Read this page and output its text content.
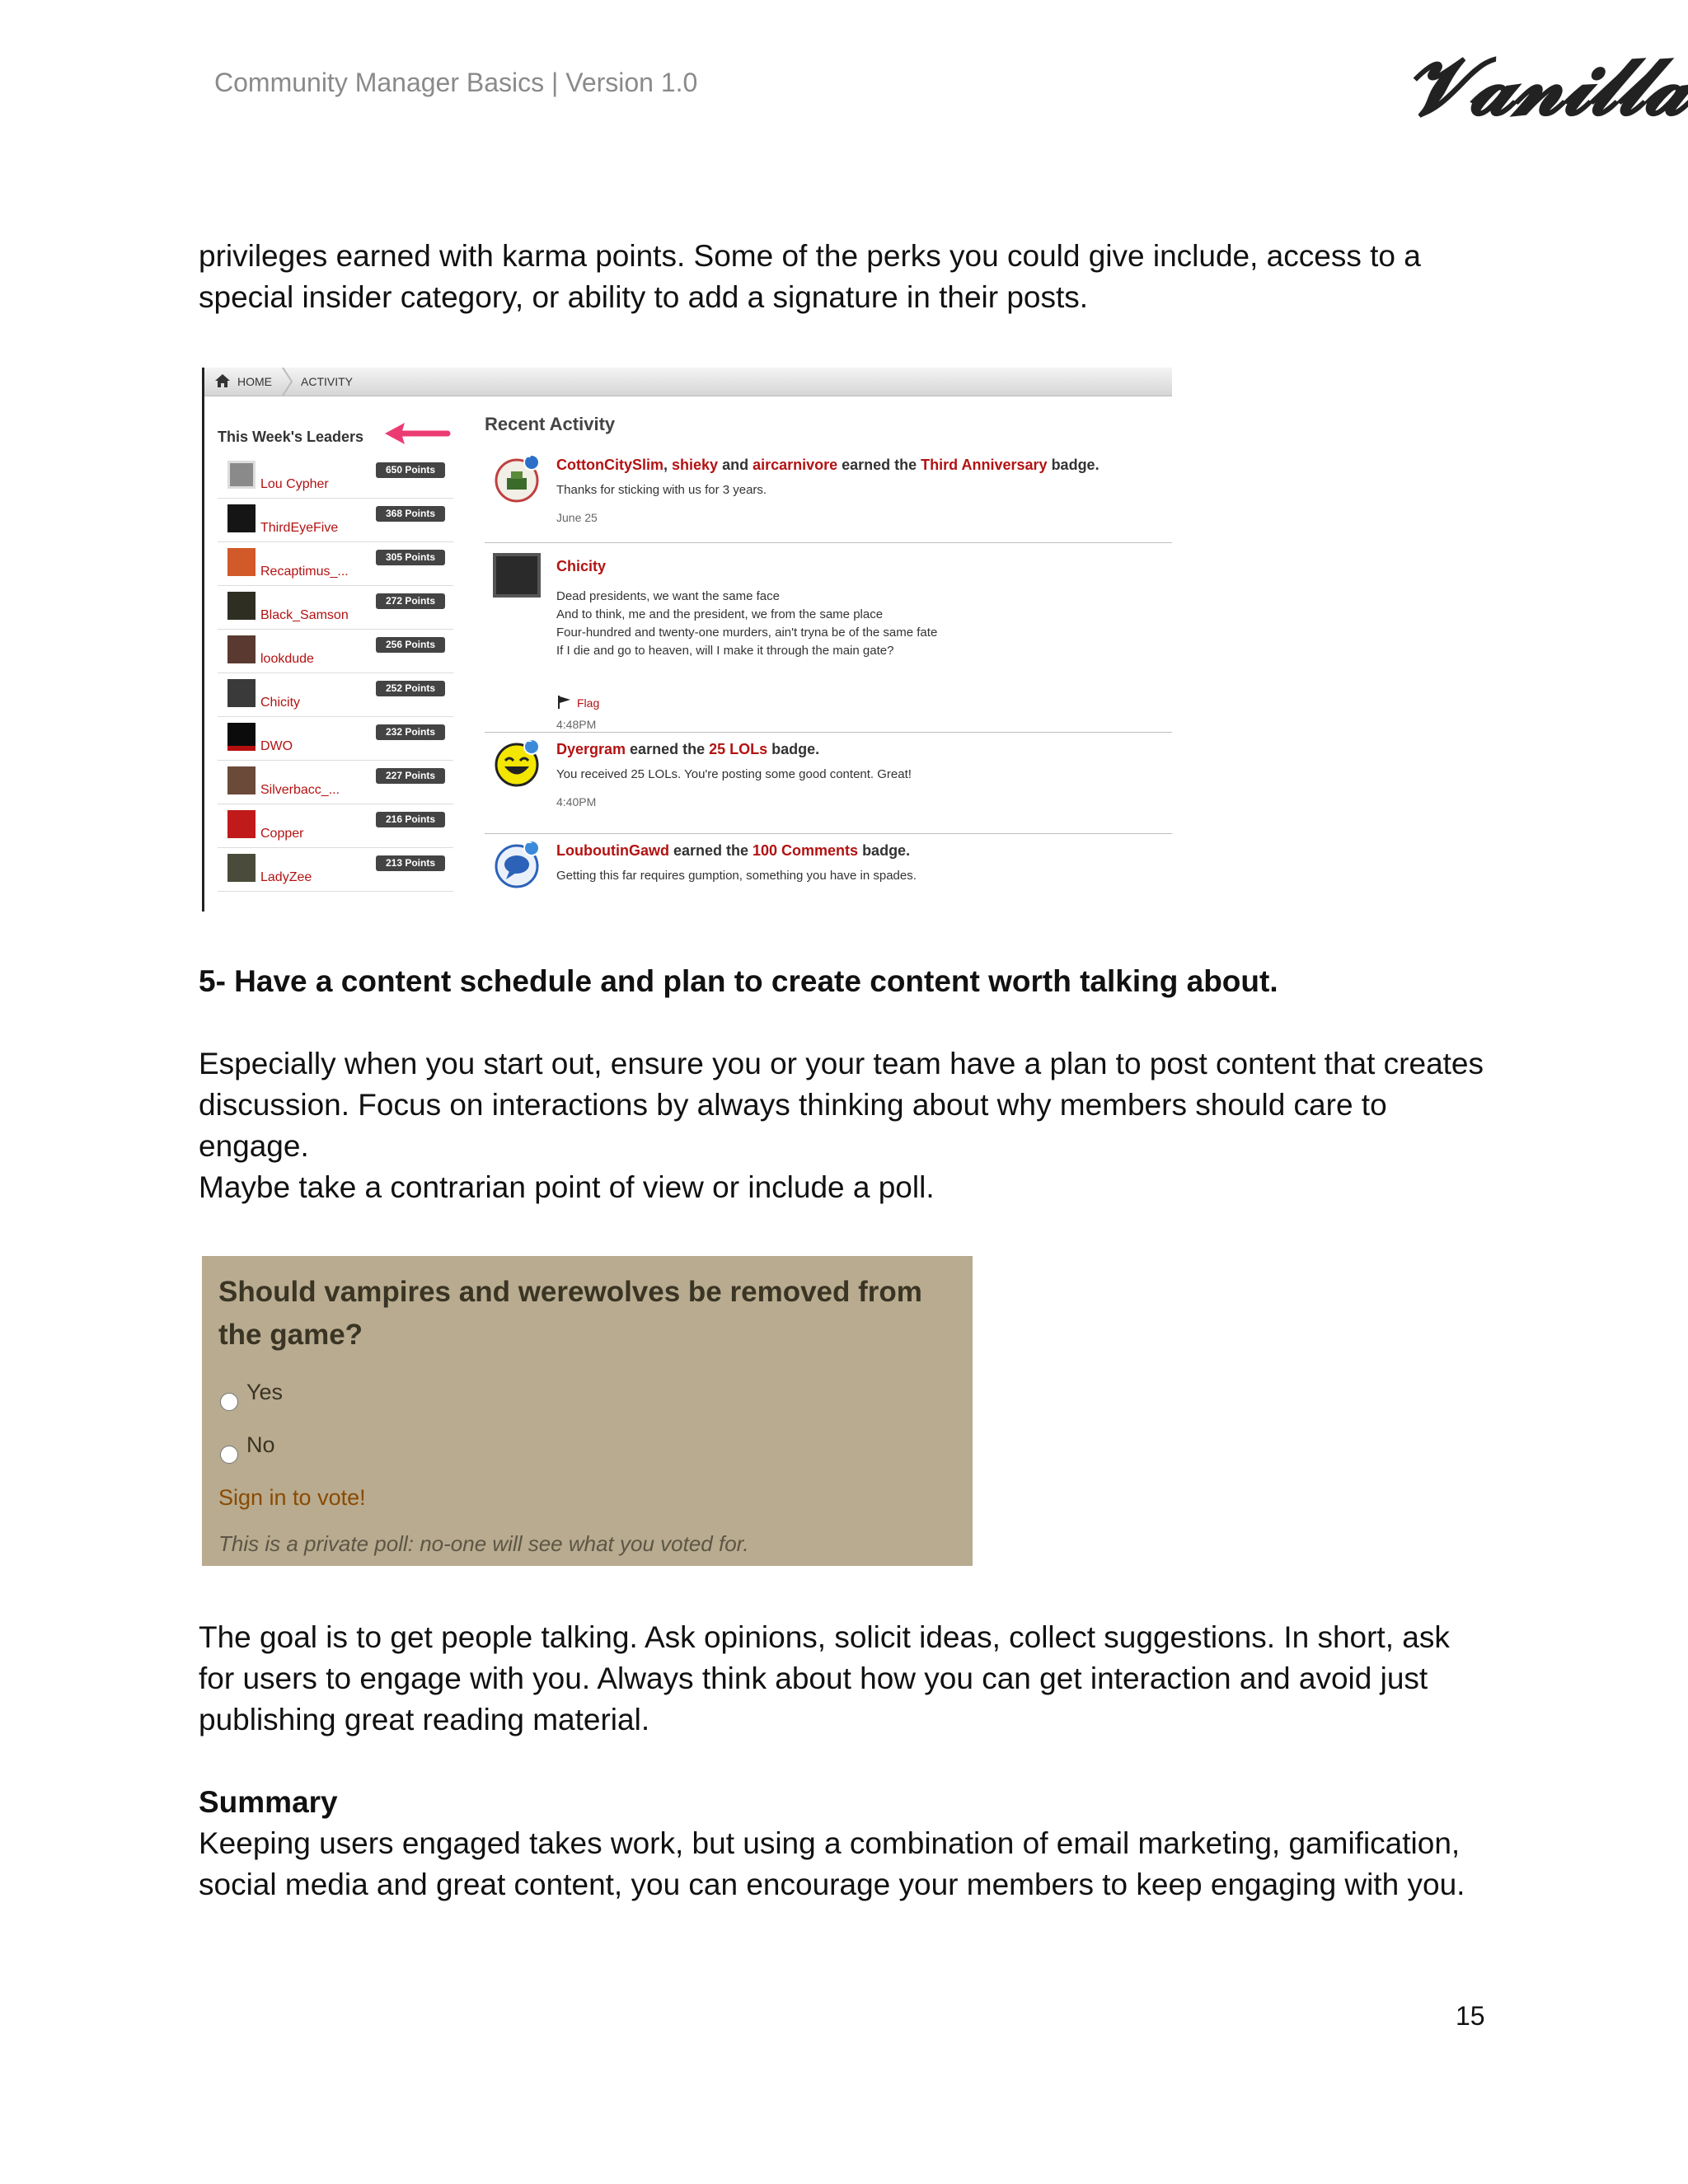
Community Manager Basics | Version 1.0	𝓥𝓪𝓷𝓲𝓵𝓵𝓪
privileges earned with karma points. Some of the perks you could give include, access to a special insider category, or ability to add a signature in their posts.
HOME	ACTIVITY
This Week's Leaders
Lou Cypher
650 Points
ThirdEyeFive
368 Points
Recaptimus_...
305 Points
Black_Samson
272 Points
lookdude
256 Points
Chicity
252 Points
DWO
232 Points
Silverbacc_...
227 Points
Copper
216 Points
LadyZee
213 Points
Recent Activity
3
CottonCitySlim, shieky and aircarnivore earned the Third Anniversary badge.
Thanks for sticking with us for 3 years.
June 25
Chicity
Dead presidents, we want the same face
And to think, me and the president, we from the same place
Four-hundred and twenty-one murders, ain't tryna be of the same fate
If I die and go to heaven, will I make it through the main gate?
Flag
4:48PM
2
Dyergram earned the 25 LOLs badge.
You received 25 LOLs. You're posting some good content. Great!
4:40PM
2
LouboutinGawd earned the 100 Comments badge.
Getting this far requires gumption, something you have in spades.
5- Have a content schedule and plan to create content worth talking about.
Especially when you start out, ensure you or your team have a plan to post content that creates discussion. Focus on interactions by always thinking about why members should care to engage.
Maybe take a contrarian point of view or include a poll.
Should vampires and werewolves be removed from the game?
Yes
No
Sign in to vote!
This is a private poll: no-one will see what you voted for.
The goal is to get people talking. Ask opinions, solicit ideas, collect suggestions. In short, ask for users to engage with you. Always think about how you can get interaction and avoid just publishing great reading material.
Summary
Keeping users engaged takes work, but using a combination of email marketing, gamification, social media and great content, you can encourage your members to keep engaging with you.
15
